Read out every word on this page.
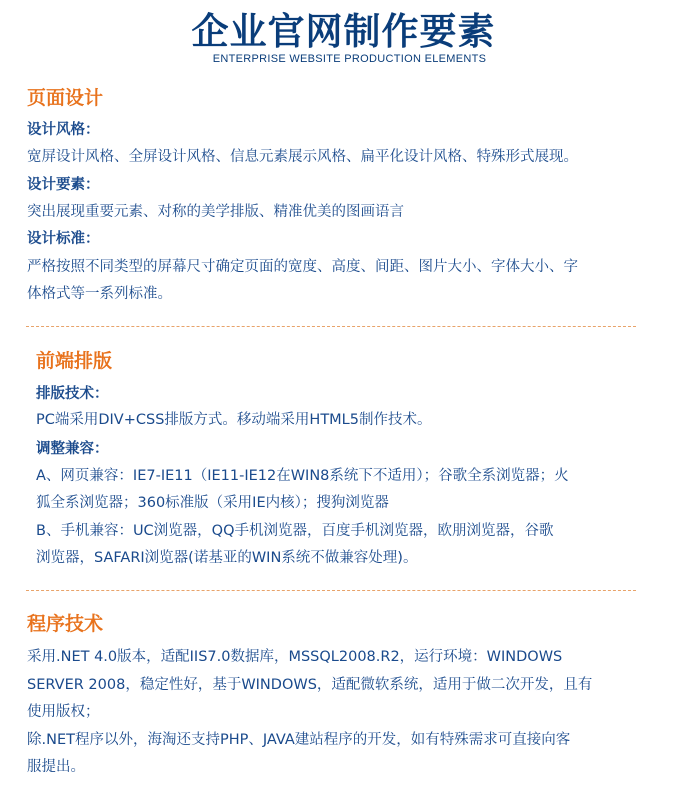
企业官网制作要素
ENTERPRISE WEBSITE PRODUCTION ELEMENTS
页面设计
设计风格：
宽屏设计风格、全屏设计风格、信息元素展示风格、扁平化设计风格、特殊形式展现。
设计要素：
突出展现重要元素、对称的美学排版、精准优美的图画语言
设计标准：
严格按照不同类型的屏幕尺寸确定页面的宽度、高度、间距、图片大小、字体大小、字
体格式等一系列标准。
前端排版
排版技术：
PC端采用DIV+CSS排版方式。移动端采用HTML5制作技术。
调整兼容：
A、网页兼容：IE7-IE11（IE11-IE12在WIN8系统下不适用）；谷歌全系浏览器；火
狐全系浏览器；360标准版（采用IE内核）；搜狗浏览器
B、手机兼容：UC浏览器，QQ手机浏览器，百度手机浏览器，欧朋浏览器，谷歌
浏览器，SAFARI浏览器(诺基亚的WIN系统不做兼容处理)。
程序技术
采用.NET 4.0版本，适配IIS7.0数据库，MSSQL2008.R2，运行环境：WINDOWS
SERVER 2008，稳定性好，基于WINDOWS，适配微软系统，适用于做二次开发，且有
使用版权；
除.NET程序以外，海淘还支持PHP、JAVA建站程序的开发，如有特殊需求可直接向客
服提出。
